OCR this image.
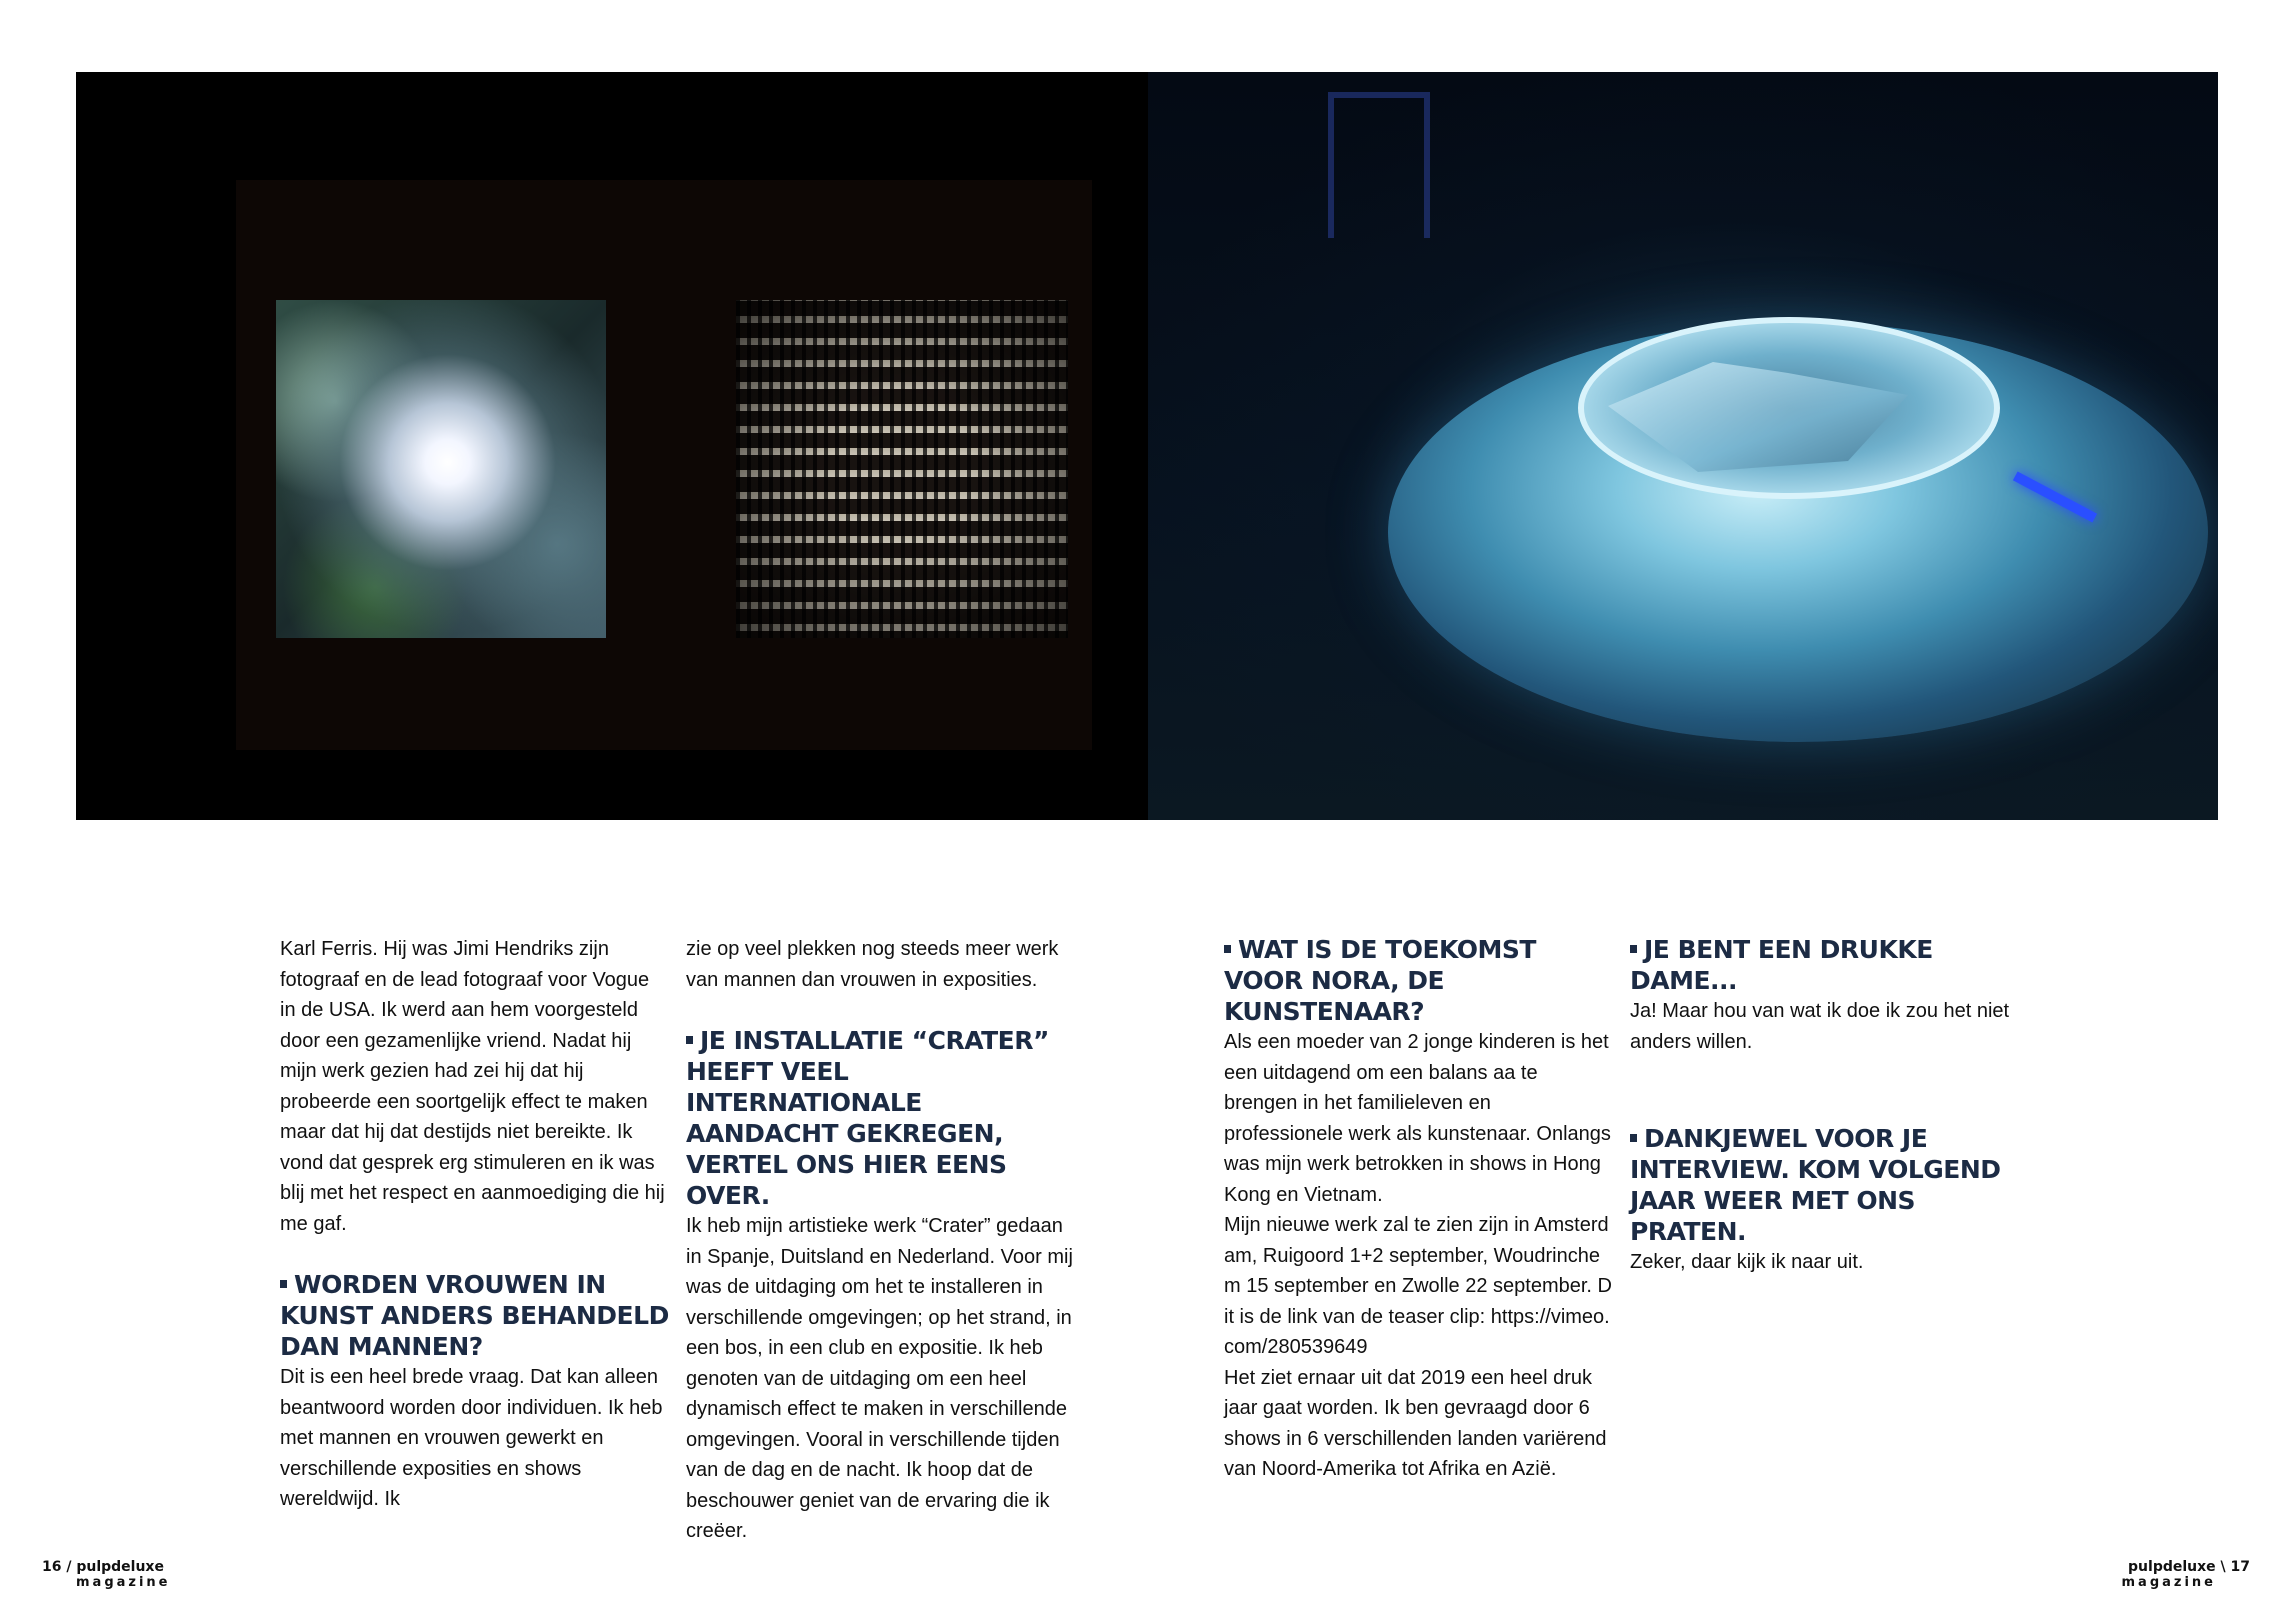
Karl Ferris. Hij was Jimi Hendriks zijn fotograaf en de lead fotograaf voor Vogue in de USA. Ik werd aan hem voorgesteld door een gezamenlijke vriend. Nadat hij mijn werk gezien had zei hij dat hij probeerde een soortgelijk effect te maken maar dat hij dat destijds niet bereikte. Ik vond dat gesprek erg stimuleren en ik was blij met het respect en aanmoediging die hij me gaf.

WORDEN VROUWEN IN KUNST ANDERS BEHANDELD DAN MANNEN?

Dit is een heel brede vraag. Dat kan alleen beantwoord worden door individuen. Ik heb met mannen en vrouwen gewerkt en verschillende exposities en shows wereldwijd. Ik

zie op veel plekken nog steeds meer werk van mannen dan vrouwen in exposities.

JE INSTALLATIE “CRATER” HEEFT VEEL INTERNATIONALE AANDACHT GEKREGEN, VERTEL ONS HIER EENS OVER.

Ik heb mijn artistieke werk “Crater” gedaan in Spanje, Duitsland en Nederland. Voor mij was de uitdaging om het te installeren in verschillende omgevingen; op het strand, in een bos, in een club en expositie. Ik heb genoten van de uitdaging om een heel dynamisch effect te maken in verschillende omgevingen. Vooral in verschillende tijden van de dag en de nacht. Ik hoop dat de beschouwer geniet van de ervaring die ik creëer.

WAT IS DE TOEKOMST VOOR NORA, DE KUNSTENAAR?

Als een moeder van 2 jonge kinderen is het een uitdagend om een balans aa te brengen in het familieleven en professionele werk als kunstenaar. Onlangs was mijn werk betrokken in shows in Hong Kong en Vietnam.

Mijn nieuwe werk zal te zien zijn in Amsterdam, Ruigoord 1+2 september, Woudrinchem 15 september en Zwolle 22 september. Dit is de link van de teaser clip: https://vimeo.com/280539649

Het ziet ernaar uit dat 2019 een heel druk jaar gaat worden. Ik ben gevraagd door 6 shows in 6 verschillenden landen variërend van Noord-Amerika tot Afrika en Azië.

JE BENT EEN DRUKKE DAME...

Ja! Maar hou van wat ik doe ik zou het niet anders willen.

DANKJEWEL VOOR JE INTERVIEW. KOM VOLGEND JAAR WEER MET ONS PRATEN.

Zeker, daar kijk ik naar uit.

16 / pulpdeluxe
magazine
pulpdeluxe \ 17
magazine
